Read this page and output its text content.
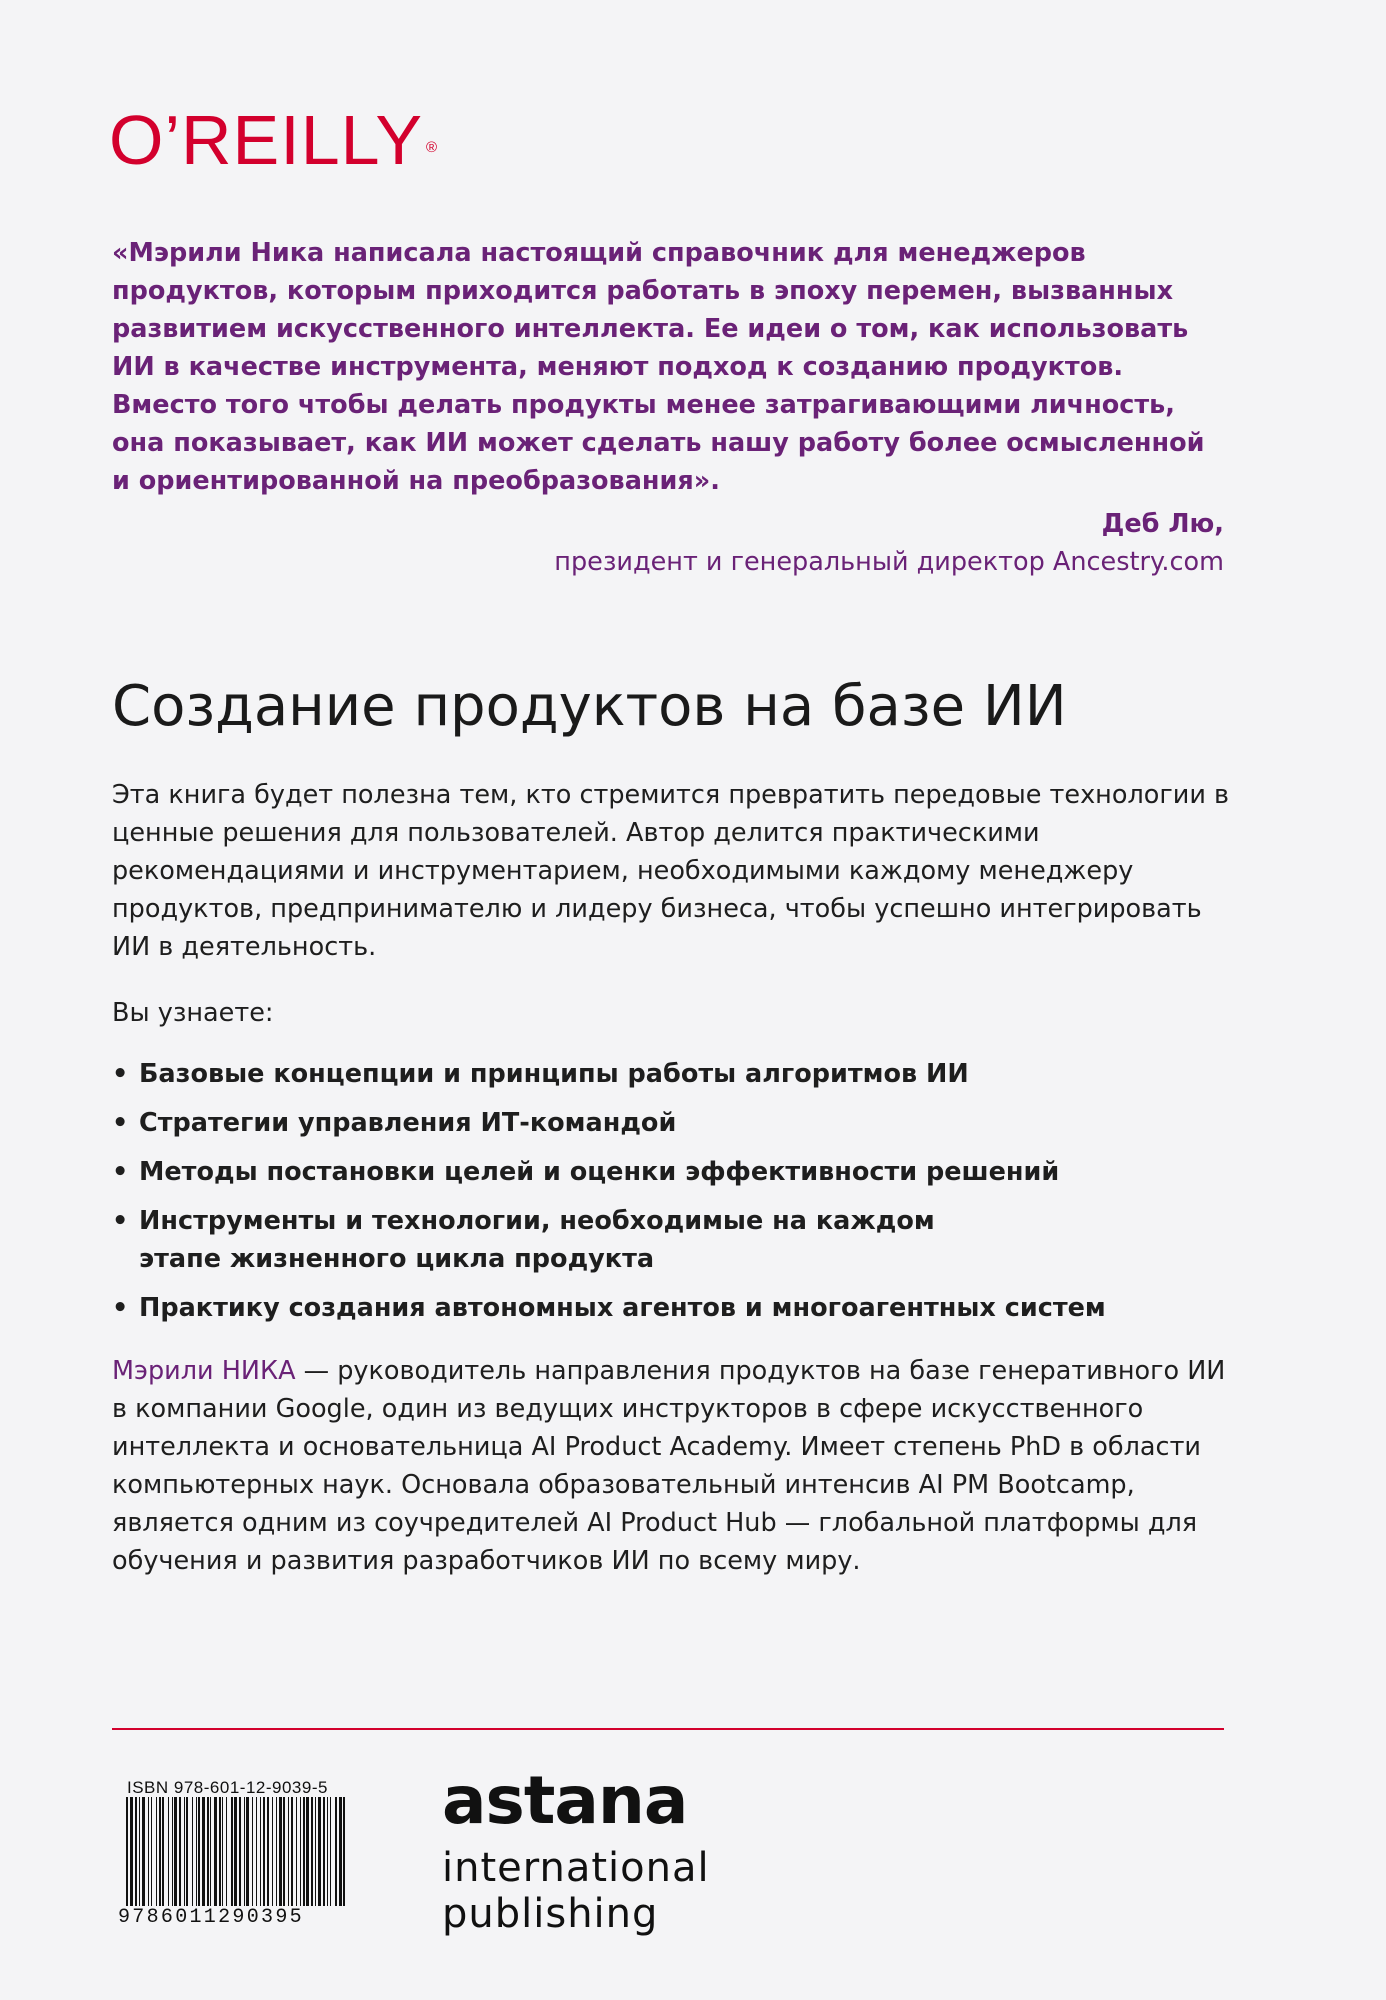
O’REILLY ®

«Мэрили Ника написала настоящий справочник для менеджеров продуктов, которым приходится работать в эпоху перемен, вызванных развитием искусственного интеллекта. Ее идеи о том, как использовать ИИ в качестве инструмента, меняют подход к созданию продуктов. Вместо того чтобы делать продукты менее затрагивающими личность, она показывает, как ИИ может сделать нашу работу более осмысленной и ориентированной на преобразования».

Деб Лю,
президент и генеральный директор Ancestry.com
Создание продуктов на базе ИИ

Эта книга будет полезна тем, кто стремится превратить передовые технологии в ценные решения для пользователей. Автор делится практическими рекомендациями и инструментарием, необходимыми каждому менеджеру продуктов, предпринимателю и лидеру бизнеса, чтобы успешно интегрировать ИИ в деятельность.

Вы узнаете:

• Базовые концепции и принципы работы алгоритмов ИИ
• Стратегии управления ИТ-командой
• Методы постановки целей и оценки эффективности решений
• Инструменты и технологии, необходимые на каждом этапе жизненного цикла продукта
• Практику создания автономных агентов и многоагентных систем

Мэрили НИКА — руководитель направления продуктов на базе генеративного ИИ в компании Google, один из ведущих инструкторов в сфере искусственного интеллекта и основательница AI Product Academy. Имеет степень PhD в области компьютерных наук. Основала образовательный интенсив AI PM Bootcamp, является одним из соучредителей AI Product Hub — глобальной платформы для обучения и развития разработчиков ИИ по всему миру.

ISBN 978-601-12-9039-5
9786011290395
astana
international
publishing
